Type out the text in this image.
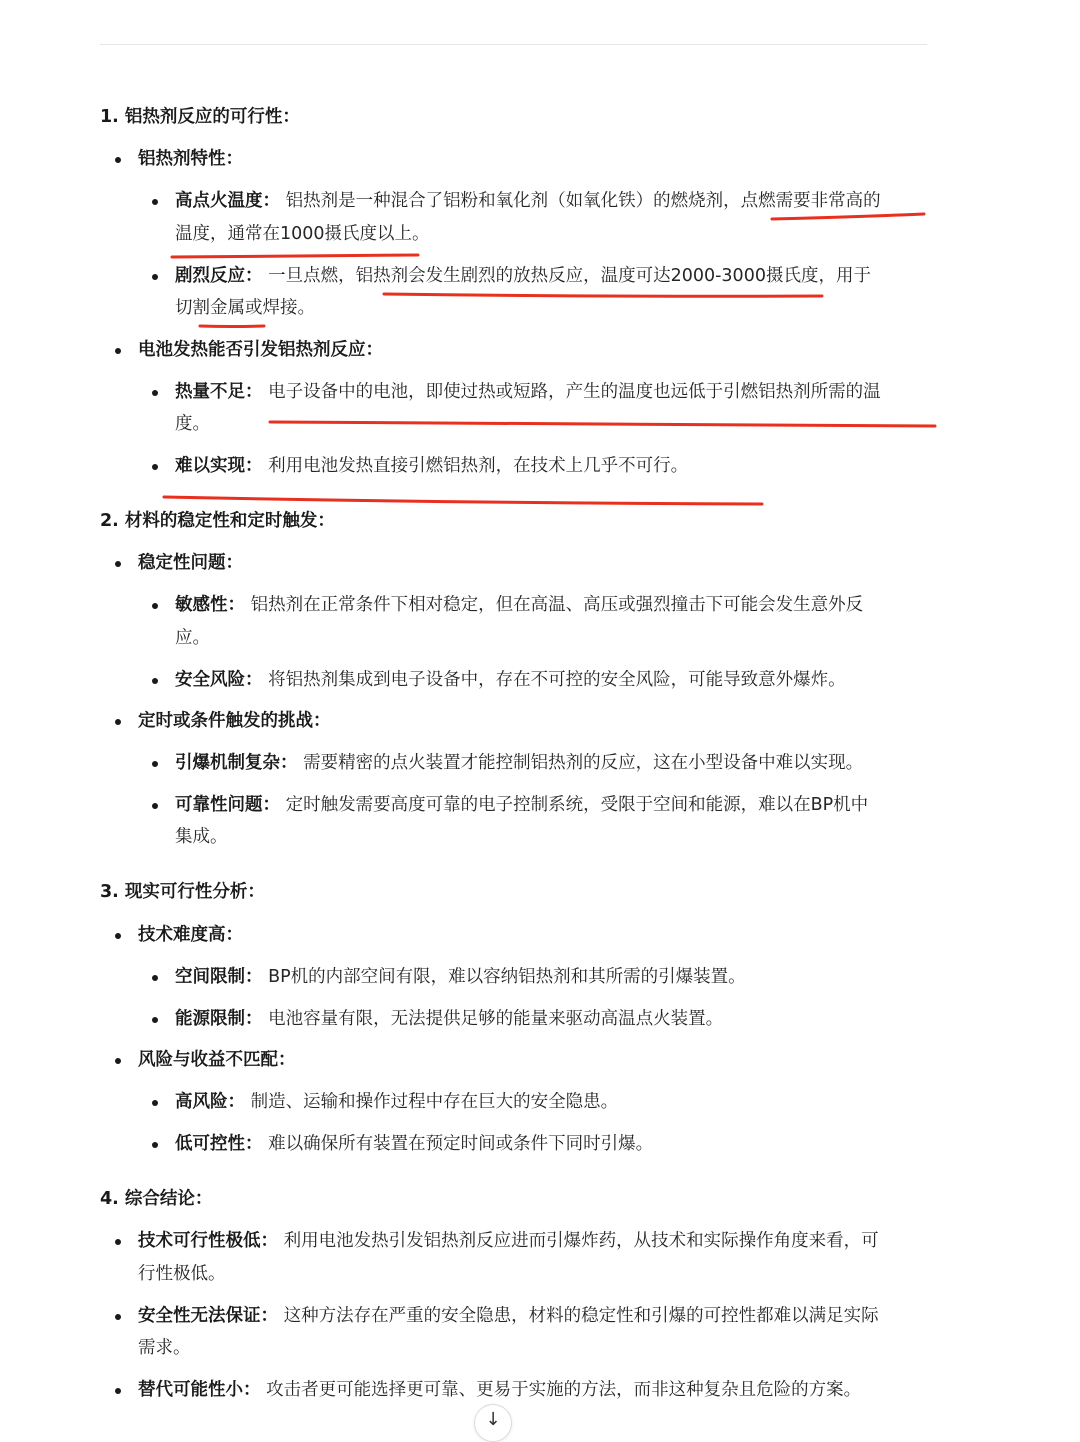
1. 铝热剂反应的可行性：
铝热剂特性：
高点火温度： 铝热剂是一种混合了铝粉和氧化剂（如氧化铁）的燃烧剂，点燃需要非常高的
温度，通常在1000摄氏度以上。
剧烈反应： 一旦点燃，铝热剂会发生剧烈的放热反应，温度可达2000-3000摄氏度，用于
切割金属或焊接。
电池发热能否引发铝热剂反应：
热量不足： 电子设备中的电池，即使过热或短路，产生的温度也远低于引燃铝热剂所需的温
度。
难以实现： 利用电池发热直接引燃铝热剂，在技术上几乎不可行。
2. 材料的稳定性和定时触发：
稳定性问题：
敏感性： 铝热剂在正常条件下相对稳定，但在高温、高压或强烈撞击下可能会发生意外反
应。
安全风险： 将铝热剂集成到电子设备中，存在不可控的安全风险，可能导致意外爆炸。
定时或条件触发的挑战：
引爆机制复杂： 需要精密的点火装置才能控制铝热剂的反应，这在小型设备中难以实现。
可靠性问题： 定时触发需要高度可靠的电子控制系统，受限于空间和能源，难以在BP机中
集成。
3. 现实可行性分析：
技术难度高：
空间限制： BP机的内部空间有限，难以容纳铝热剂和其所需的引爆装置。
能源限制： 电池容量有限，无法提供足够的能量来驱动高温点火装置。
风险与收益不匹配：
高风险： 制造、运输和操作过程中存在巨大的安全隐患。
低可控性： 难以确保所有装置在预定时间或条件下同时引爆。
4. 综合结论：
技术可行性极低： 利用电池发热引发铝热剂反应进而引爆炸药，从技术和实际操作角度来看，可
行性极低。
安全性无法保证： 这种方法存在严重的安全隐患，材料的稳定性和引爆的可控性都难以满足实际
需求。
替代可能性小： 攻击者更可能选择更可靠、更易于实施的方法，而非这种复杂且危险的方案。
↓
